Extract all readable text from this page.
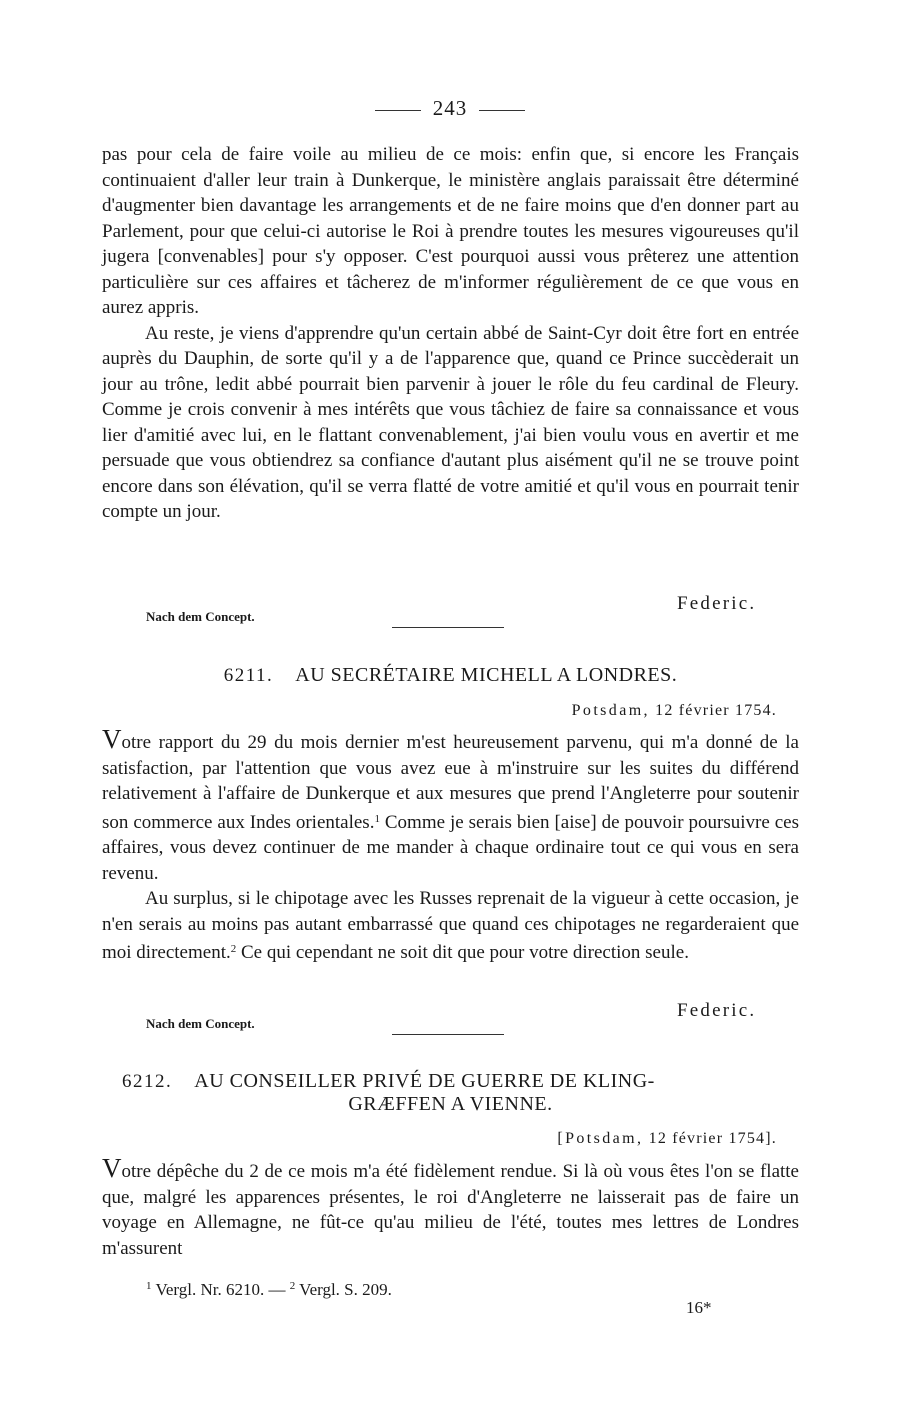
243

pas pour cela de faire voile au milieu de ce mois: enfin que, si encore les Français continuaient d'aller leur train à Dunkerque, le ministère anglais paraissait être déterminé d'augmenter bien davantage les arrangements et de ne faire moins que d'en donner part au Parlement, pour que celui-ci autorise le Roi à prendre toutes les mesures vigoureuses qu'il jugera [convenables] pour s'y opposer. C'est pourquoi aussi vous prêterez une attention particulière sur ces affaires et tâcherez de m'informer régulièrement de ce que vous en aurez appris.

Au reste, je viens d'apprendre qu'un certain abbé de Saint-Cyr doit être fort en entrée auprès du Dauphin, de sorte qu'il y a de l'apparence que, quand ce Prince succèderait un jour au trône, ledit abbé pourrait bien parvenir à jouer le rôle du feu cardinal de Fleury. Comme je crois convenir à mes intérêts que vous tâchiez de faire sa connaissance et vous lier d'amitié avec lui, en le flattant convenablement, j'ai bien voulu vous en avertir et me persuade que vous obtiendrez sa confiance d'autant plus aisément qu'il ne se trouve point encore dans son élévation, qu'il se verra flatté de votre amitié et qu'il vous en pourrait tenir compte un jour.

Federic.
Nach dem Concept.
6211. AU SECRÉTAIRE MICHELL A LONDRES.
Potsdam, 12 février 1754.

Votre rapport du 29 du mois dernier m'est heureusement parvenu, qui m'a donné de la satisfaction, par l'attention que vous avez eue à m'instruire sur les suites du différend relativement à l'affaire de Dunkerque et aux mesures que prend l'Angleterre pour soutenir son commerce aux Indes orientales.$^1$ Comme je serais bien [aise] de pouvoir poursuivre ces affaires, vous devez continuer de me mander à chaque ordinaire tout ce qui vous en sera revenu.

Au surplus, si le chipotage avec les Russes reprenait de la vigueur à cette occasion, je n'en serais au moins pas autant embarrassé que quand ces chipotages ne regarderaient que moi directement.$^2$ Ce qui cependant ne soit dit que pour votre direction seule.

Federic.
Nach dem Concept.
6212. AU CONSEILLER PRIVÉ DE GUERRE DE KLING-
GRÆFFEN A VIENNE.
[Potsdam, 12 février 1754].

Votre dépêche du 2 de ce mois m'a été fidèlement rendue. Si là où vous êtes l'on se flatte que, malgré les apparences présentes, le roi d'Angleterre ne laisserait pas de faire un voyage en Allemagne, ne fût-ce qu'au milieu de l'été, toutes mes lettres de Londres m'assurent

$^1$ Vergl. Nr. 6210. — $^2$ Vergl. S. 209.
16*
